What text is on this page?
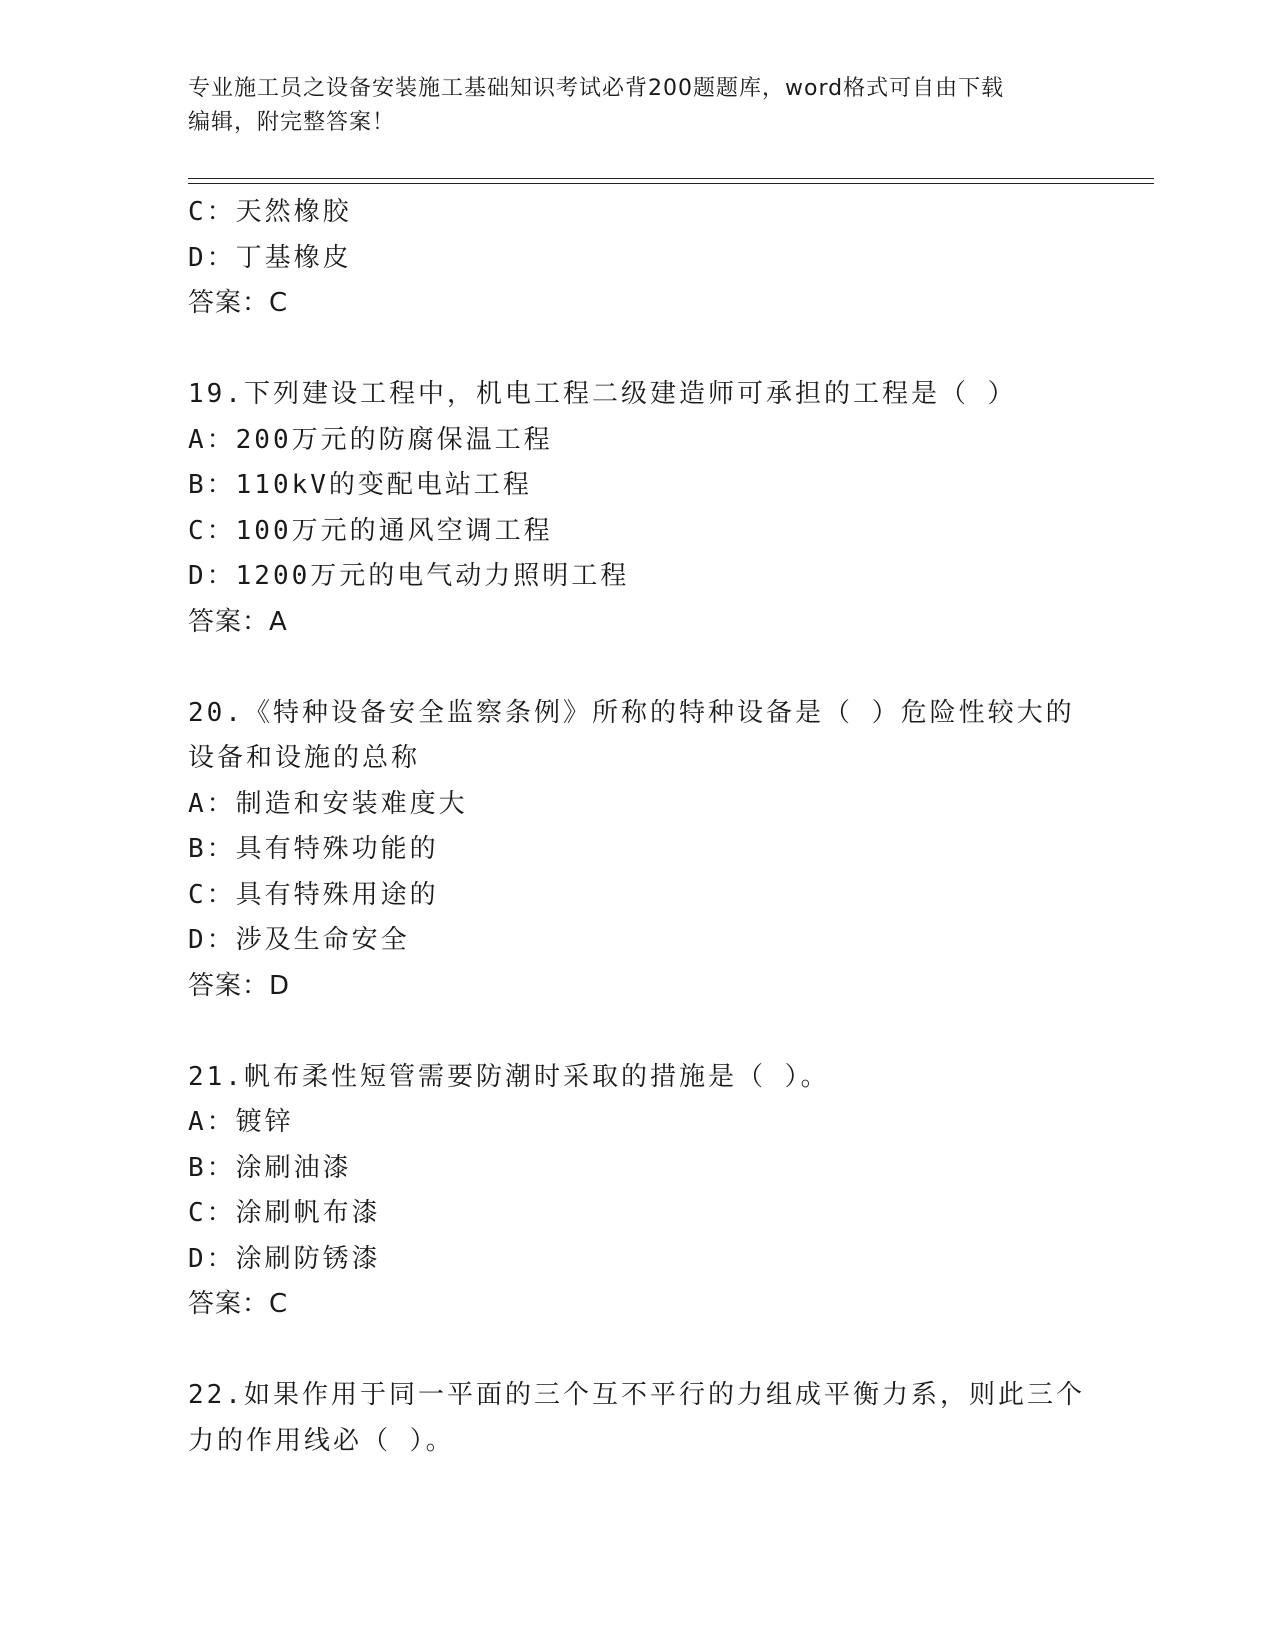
专业施工员之设备安装施工基础知识考试必背200题题库，word格式可自由下载
编辑，附完整答案！
C：天然橡胶
D：丁基橡皮
答案：C
19.下列建设工程中，机电工程二级建造师可承担的工程是（ ）
A：200万元的防腐保温工程
B：110kV的变配电站工程
C：100万元的通风空调工程
D：1200万元的电气动力照明工程
答案：A
20.《特种设备安全监察条例》所称的特种设备是（ ）危险性较大的
设备和设施的总称
A：制造和安装难度大
B：具有特殊功能的
C：具有特殊用途的
D：涉及生命安全
答案：D
21.帆布柔性短管需要防潮时采取的措施是（ ）。
A：镀锌
B：涂刷油漆
C：涂刷帆布漆
D：涂刷防锈漆
答案：C
22.如果作用于同一平面的三个互不平行的力组成平衡力系，则此三个
力的作用线必（ ）。
